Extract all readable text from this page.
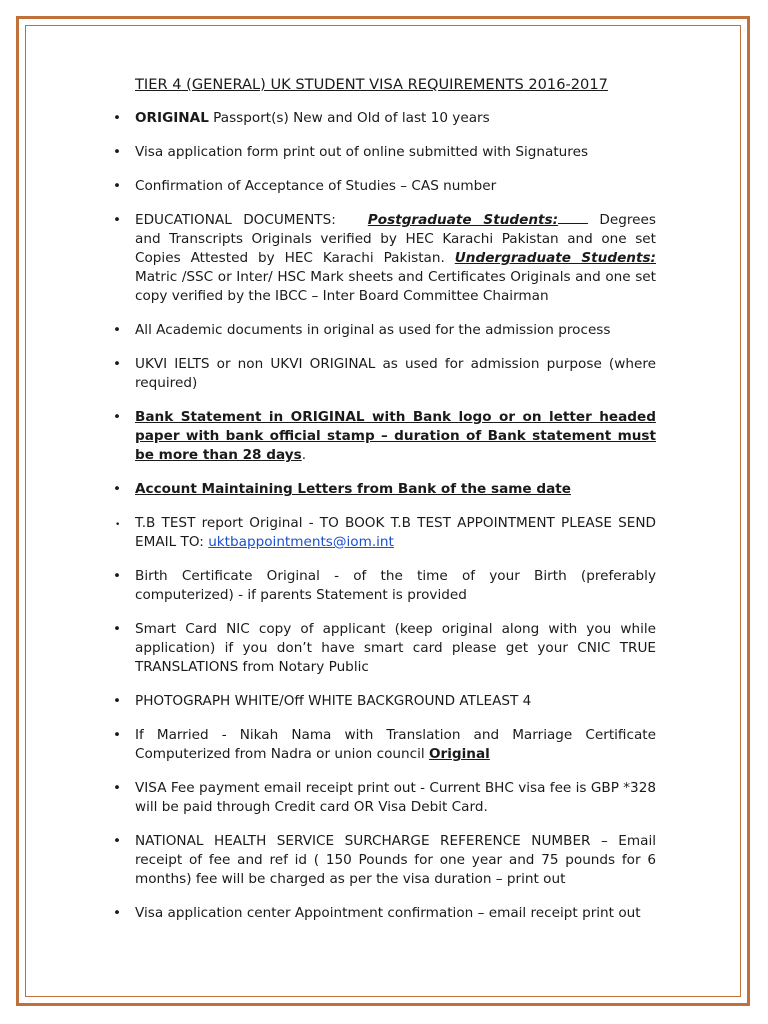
TIER 4 (GENERAL) UK STUDENT VISA REQUIREMENTS 2016-2017
• ORIGINAL Passport(s) New and Old of last 10 years
• Visa application form print out of online submitted with Signatures
• Confirmation of Acceptance of Studies – CAS number
• EDUCATIONAL DOCUMENTS: Postgraduate Students: Degrees and Transcripts Originals verified by HEC Karachi Pakistan and one set Copies Attested by HEC Karachi Pakistan. Undergraduate Students: Matric /SSC or Inter/ HSC Mark sheets and Certificates Originals and one set copy verified by the IBCC – Inter Board Committee Chairman
• All Academic documents in original as used for the admission process
• UKVI IELTS or non UKVI ORIGINAL as used for admission purpose (where required)
• Bank Statement in ORIGINAL with Bank logo or on letter headed paper with bank official stamp – duration of Bank statement must be more than 28 days.
• Account Maintaining Letters from Bank of the same date
• T.B TEST report Original - TO BOOK T.B TEST APPOINTMENT PLEASE SEND EMAIL TO: uktbappointments@iom.int
• Birth Certificate Original - of the time of your Birth (preferably computerized) - if parents Statement is provided
• Smart Card NIC copy of applicant (keep original along with you while application) if you don’t have smart card please get your CNIC TRUE TRANSLATIONS from Notary Public
• PHOTOGRAPH WHITE/Off WHITE BACKGROUND ATLEAST 4
• If Married - Nikah Nama with Translation and Marriage Certificate Computerized from Nadra or union council Original
• VISA Fee payment email receipt print out - Current BHC visa fee is GBP *328 will be paid through Credit card OR Visa Debit Card.
• NATIONAL HEALTH SERVICE SURCHARGE REFERENCE NUMBER – Email receipt of fee and ref id ( 150 Pounds for one year and 75 pounds for 6 months) fee will be charged as per the visa duration – print out
• Visa application center Appointment confirmation – email receipt print out
